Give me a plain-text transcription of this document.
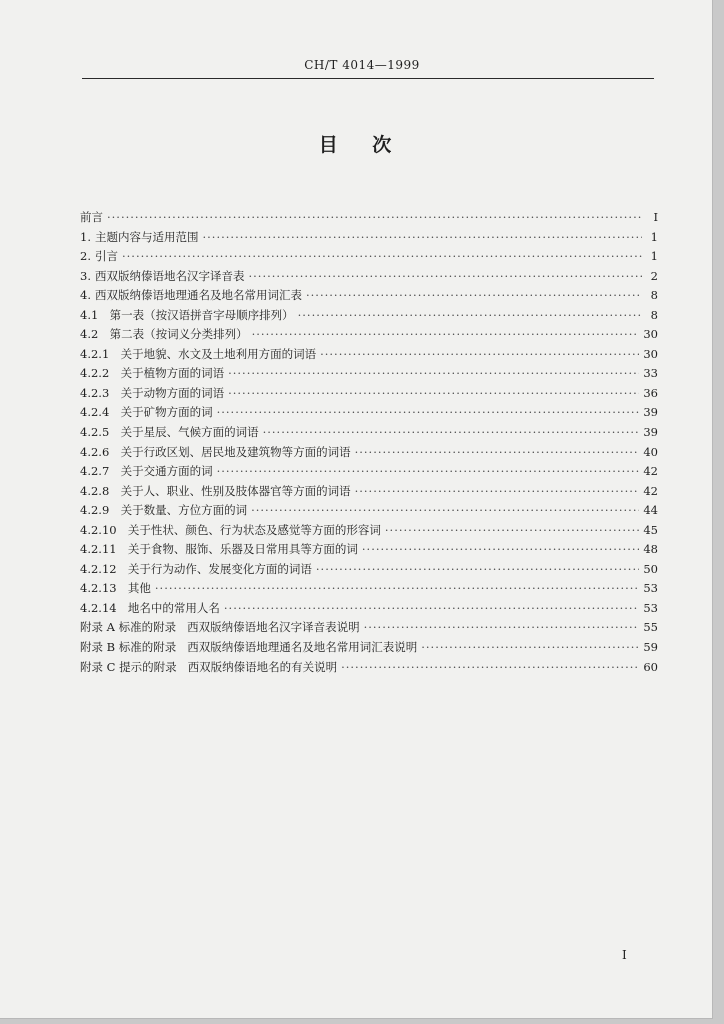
CH/T 4014—1999
目 次
前言 ·····	I
1. 主题内容与适用范围 ·····	1
2. 引言 ·····	1
3. 西双版纳傣语地名汉字译音表 ·····	2
4. 西双版纳傣语地理通名及地名常用词汇表 ·····	8
4.1 第一表（按汉语拼音字母顺序排列） ·····	8
4.2 第二表（按词义分类排列） ·····	30
4.2.1 关于地貌、水文及土地利用方面的词语 ·····	30
4.2.2 关于植物方面的词语 ·····	33
4.2.3 关于动物方面的词语 ·····	36
4.2.4 关于矿物方面的词 ·····	39
4.2.5 关于星辰、气候方面的词语 ·····	39
4.2.6 关于行政区划、居民地及建筑物等方面的词语 ·····	40
4.2.7 关于交通方面的词 ·····	42
4.2.8 关于人、职业、性别及肢体器官等方面的词语 ·····	42
4.2.9 关于数量、方位方面的词 ·····	44
4.2.10 关于性状、颜色、行为状态及感觉等方面的形容词 ·····	45
4.2.11 关于食物、服饰、乐器及日常用具等方面的词 ·····	48
4.2.12 关于行为动作、发展变化方面的词语 ·····	50
4.2.13 其他 ·····	53
4.2.14 地名中的常用人名 ·····	53
附录 A 标准的附录   西双版纳傣语地名汉字译音表说明 ·····	55
附录 B 标准的附录   西双版纳傣语地理通名及地名常用词汇表说明 ·····	59
附录 C 提示的附录   西双版纳傣语地名的有关说明 ·····	60
I
